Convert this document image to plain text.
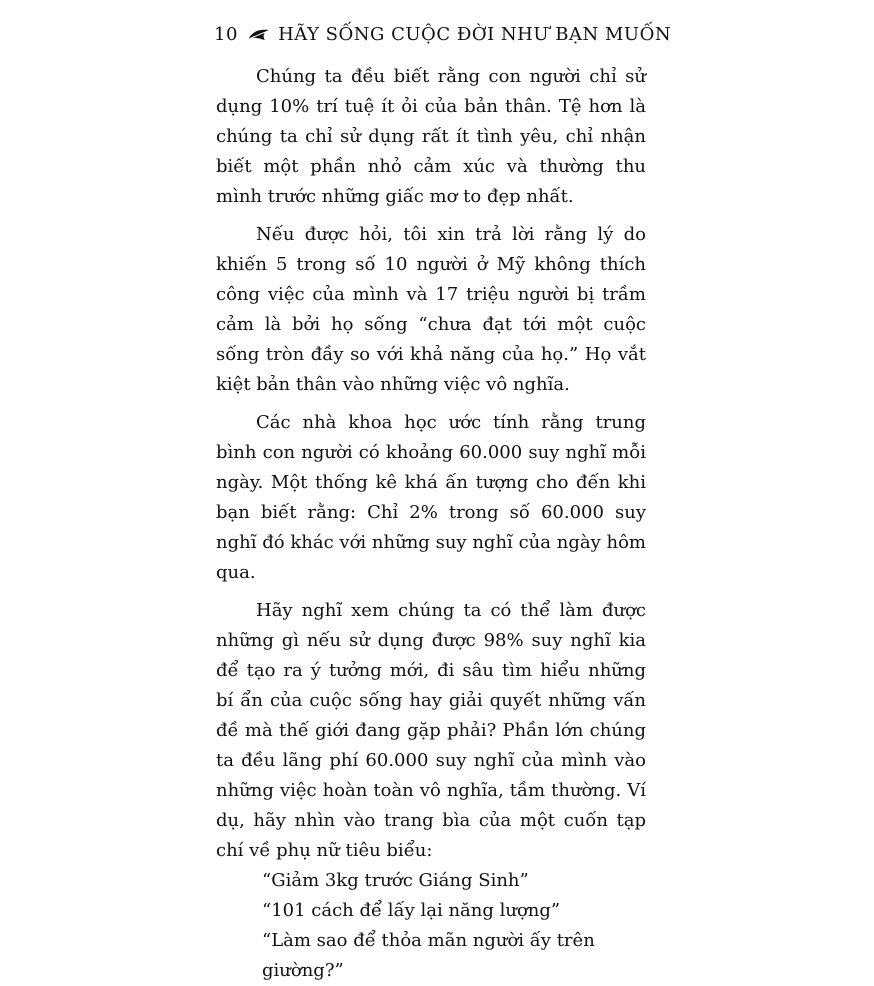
10 HÃY SỐNG CUỘC ĐỜI NHƯ BẠN MUỐN

Chúng ta đều biết rằng con người chỉ sử dụng 10% trí tuệ ít ỏi của bản thân. Tệ hơn là chúng ta chỉ sử dụng rất ít tình yêu, chỉ nhận biết một phần nhỏ cảm xúc và thường thu mình trước những giấc mơ to đẹp nhất.

Nếu được hỏi, tôi xin trả lời rằng lý do khiến 5 trong số 10 người ở Mỹ không thích công việc của mình và 17 triệu người bị trầm cảm là bởi họ sống “chưa đạt tới một cuộc sống tròn đầy so với khả năng của họ.” Họ vắt kiệt bản thân vào những việc vô nghĩa.

Các nhà khoa học ước tính rằng trung bình con người có khoảng 60.000 suy nghĩ mỗi ngày. Một thống kê khá ấn tượng cho đến khi bạn biết rằng: Chỉ 2% trong số 60.000 suy nghĩ đó khác với những suy nghĩ của ngày hôm qua.

Hãy nghĩ xem chúng ta có thể làm được những gì nếu sử dụng được 98% suy nghĩ kia để tạo ra ý tưởng mới, đi sâu tìm hiểu những bí ẩn của cuộc sống hay giải quyết những vấn đề mà thế giới đang gặp phải? Phần lớn chúng ta đều lãng phí 60.000 suy nghĩ của mình vào những việc hoàn toàn vô nghĩa, tầm thường. Ví dụ, hãy nhìn vào trang bìa của một cuốn tạp chí về phụ nữ tiêu biểu:

“Giảm 3kg trước Giáng Sinh”
“101 cách để lấy lại năng lượng”
“Làm sao để thỏa mãn người ấy trên giường?”
